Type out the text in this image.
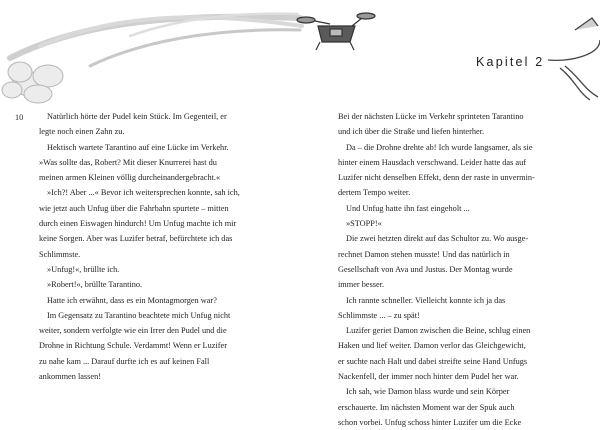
10
Kapitel 2
Natürlich hörte der Pudel kein Stück. Im Gegenteil, er
legte noch einen Zahn zu.
Hektisch wartete Tarantino auf eine Lücke im Verkehr.
»Was sollte das, Robert? Mit dieser Knurrerei hast du
meinen armen Kleinen völlig durcheinandergebracht.«
»Ich?! Aber ...« Bevor ich weitersprechen konnte, sah ich,
wie jetzt auch Unfug über die Fahrbahn spurtete – mitten
durch einen Eiswagen hindurch! Um Unfug machte ich mir
keine Sorgen. Aber was Luzifer betraf, befürchtete ich das
Schlimmste.
»Unfug!«, brüllte ich.
»Robert!«, brüllte Tarantino.
Hatte ich erwähnt, dass es ein Montagmorgen war?
Im Gegensatz zu Tarantino beachtete mich Unfug nicht
weiter, sondern verfolgte wie ein Irrer den Pudel und die
Drohne in Richtung Schule. Verdammt! Wenn er Luzifer
zu nahe kam ... Darauf durfte ich es auf keinen Fall
ankommen lassen!
Bei der nächsten Lücke im Verkehr sprinteten Tarantino
und ich über die Straße und liefen hinterher.
Da – die Drohne drehte ab! Ich wurde langsamer, als sie
hinter einem Hausdach verschwand. Leider hatte das auf
Luzifer nicht denselben Effekt, denn der raste in unvermin-
dertem Tempo weiter.
Und Unfug hatte ihn fast eingeholt ...
»STOPP!«
Die zwei hetzten direkt auf das Schultor zu. Wo ausge-
rechnet Damon stehen musste! Und das natürlich in
Gesellschaft von Ava und Justus. Der Montag wurde
immer besser.
Ich rannte schneller. Vielleicht konnte ich ja das
Schlimmste ... – zu spät!
Luzifer geriet Damon zwischen die Beine, schlug einen
Haken und lief weiter. Damon verlor das Gleichgewicht,
er suchte nach Halt und dabei streifte seine Hand Unfugs
Nackenfell, der immer noch hinter dem Pudel her war.
Ich sah, wie Damon blass wurde und sein Körper
erschauerte. Im nächsten Moment war der Spuk auch
schon vorbei. Unfug schoss hinter Luzifer um die Ecke
